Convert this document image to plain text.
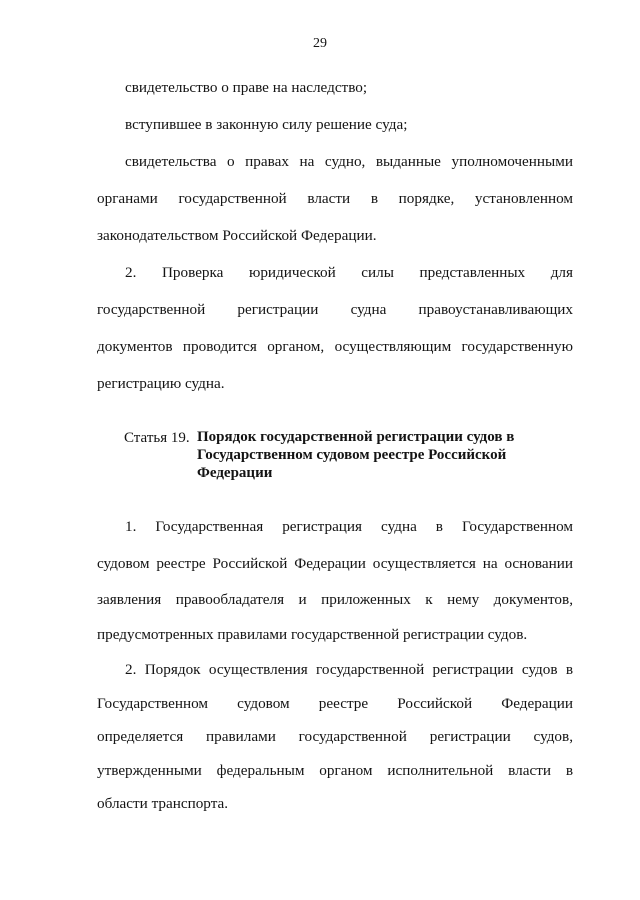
29
свидетельство о праве на наследство;
вступившее в законную силу решение суда;
свидетельства о правах на судно, выданные уполномоченными
органами государственной власти в порядке, установленном
законодательством Российской Федерации.
2. Проверка юридической силы представленных для
государственной регистрации судна правоустанавливающих
документов проводится органом, осуществляющим государственную
регистрацию судна.
Статья 19. Порядок государственной регистрации судов в Государственном судовом реестре Российской Федерации
1. Государственная регистрация судна в Государственном
судовом реестре Российской Федерации осуществляется на основании
заявления правообладателя и приложенных к нему документов,
предусмотренных правилами государственной регистрации судов.
2. Порядок осуществления государственной регистрации судов в
Государственном судовом реестре Российской Федерации
определяется правилами государственной регистрации судов,
утвержденными федеральным органом исполнительной власти в
области транспорта.
